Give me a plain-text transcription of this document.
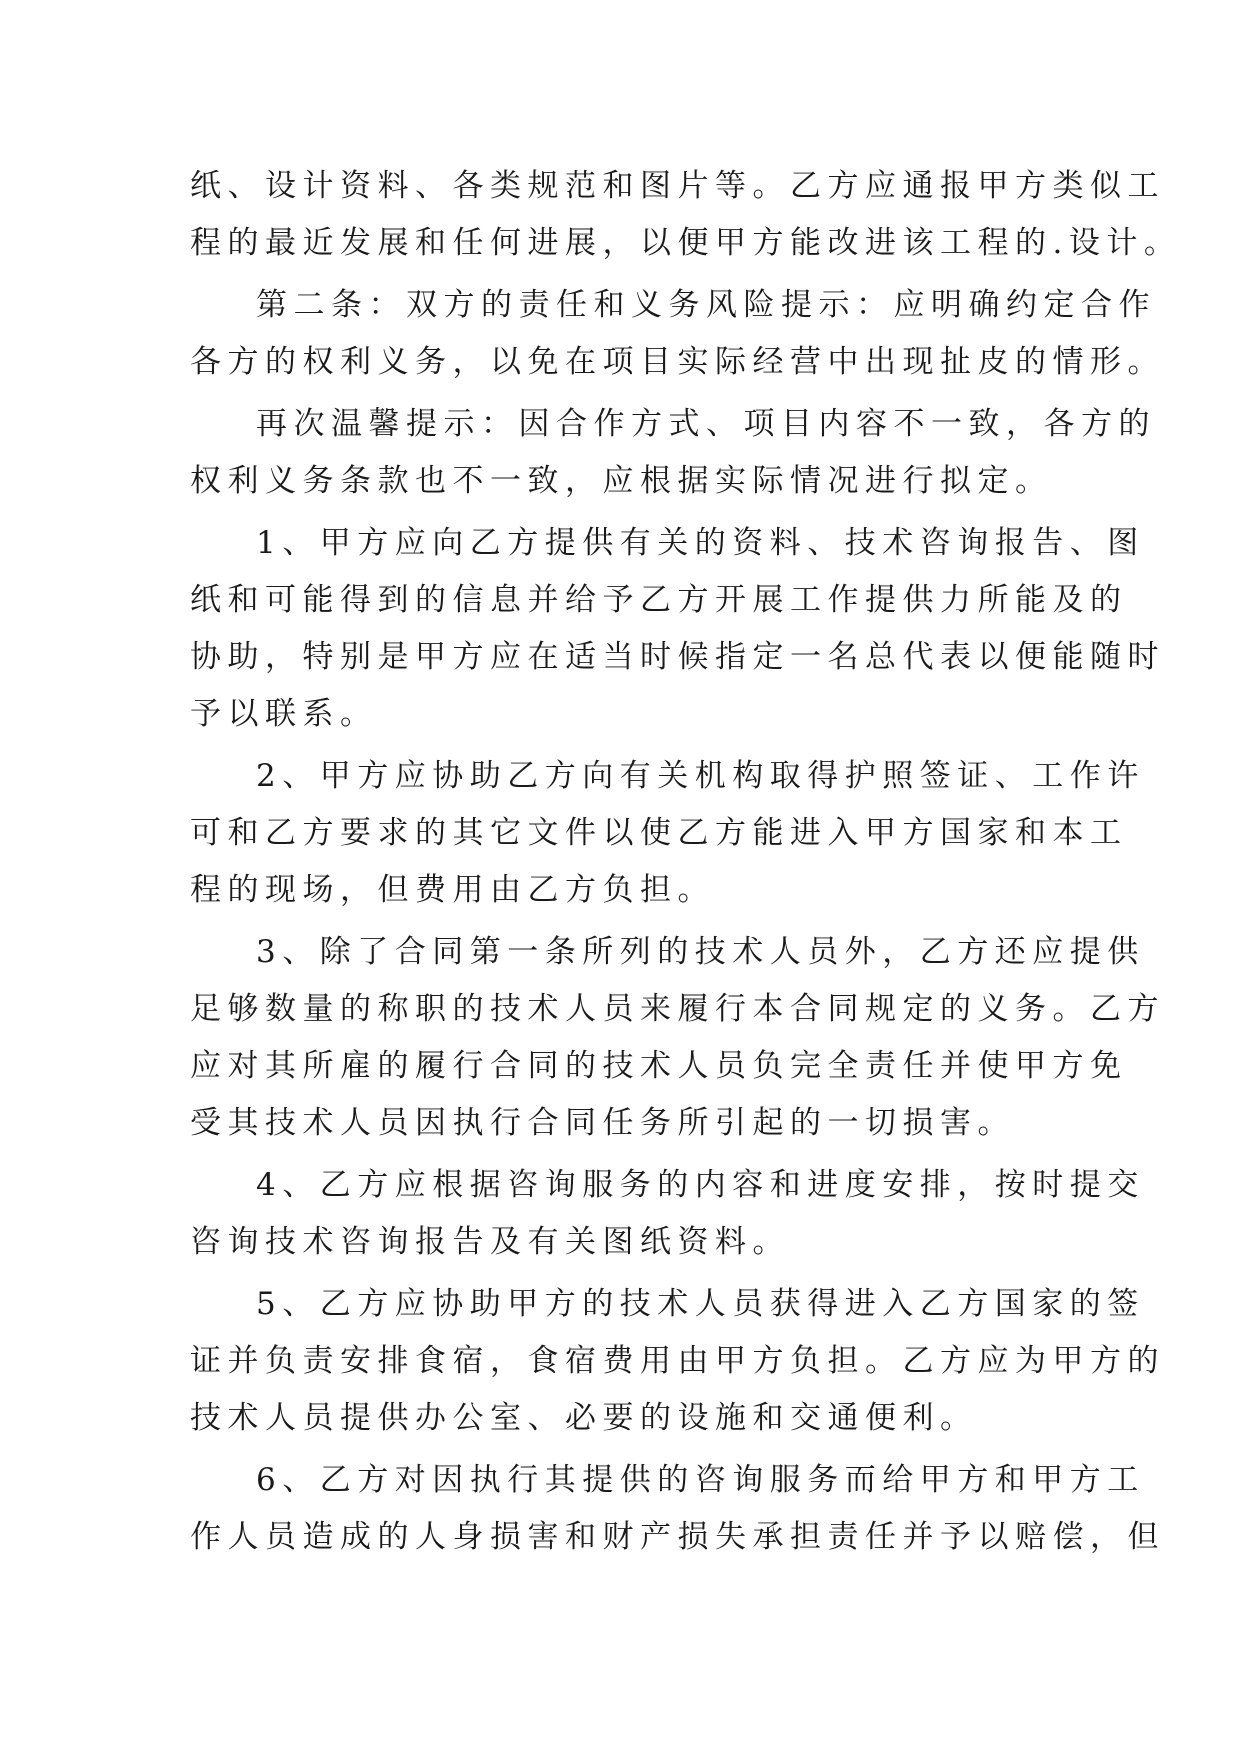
纸、设计资料、各类规范和图片等。乙方应通报甲方类似工
程的最近发展和任何进展，以便甲方能改进该工程的.设计。
第二条：双方的责任和义务风险提示：应明确约定合作
各方的权利义务，以免在项目实际经营中出现扯皮的情形。
再次温馨提示：因合作方式、项目内容不一致，各方的
权利义务条款也不一致，应根据实际情况进行拟定。
1、甲方应向乙方提供有关的资料、技术咨询报告、图
纸和可能得到的信息并给予乙方开展工作提供力所能及的
协助，特别是甲方应在适当时候指定一名总代表以便能随时
予以联系。
2、甲方应协助乙方向有关机构取得护照签证、工作许
可和乙方要求的其它文件以使乙方能进入甲方国家和本工
程的现场，但费用由乙方负担。
3、除了合同第一条所列的技术人员外，乙方还应提供
足够数量的称职的技术人员来履行本合同规定的义务。乙方
应对其所雇的履行合同的技术人员负完全责任并使甲方免
受其技术人员因执行合同任务所引起的一切损害。
4、乙方应根据咨询服务的内容和进度安排，按时提交
咨询技术咨询报告及有关图纸资料。
5、乙方应协助甲方的技术人员获得进入乙方国家的签
证并负责安排食宿，食宿费用由甲方负担。乙方应为甲方的
技术人员提供办公室、必要的设施和交通便利。
6、乙方对因执行其提供的咨询服务而给甲方和甲方工
作人员造成的人身损害和财产损失承担责任并予以赔偿，但
